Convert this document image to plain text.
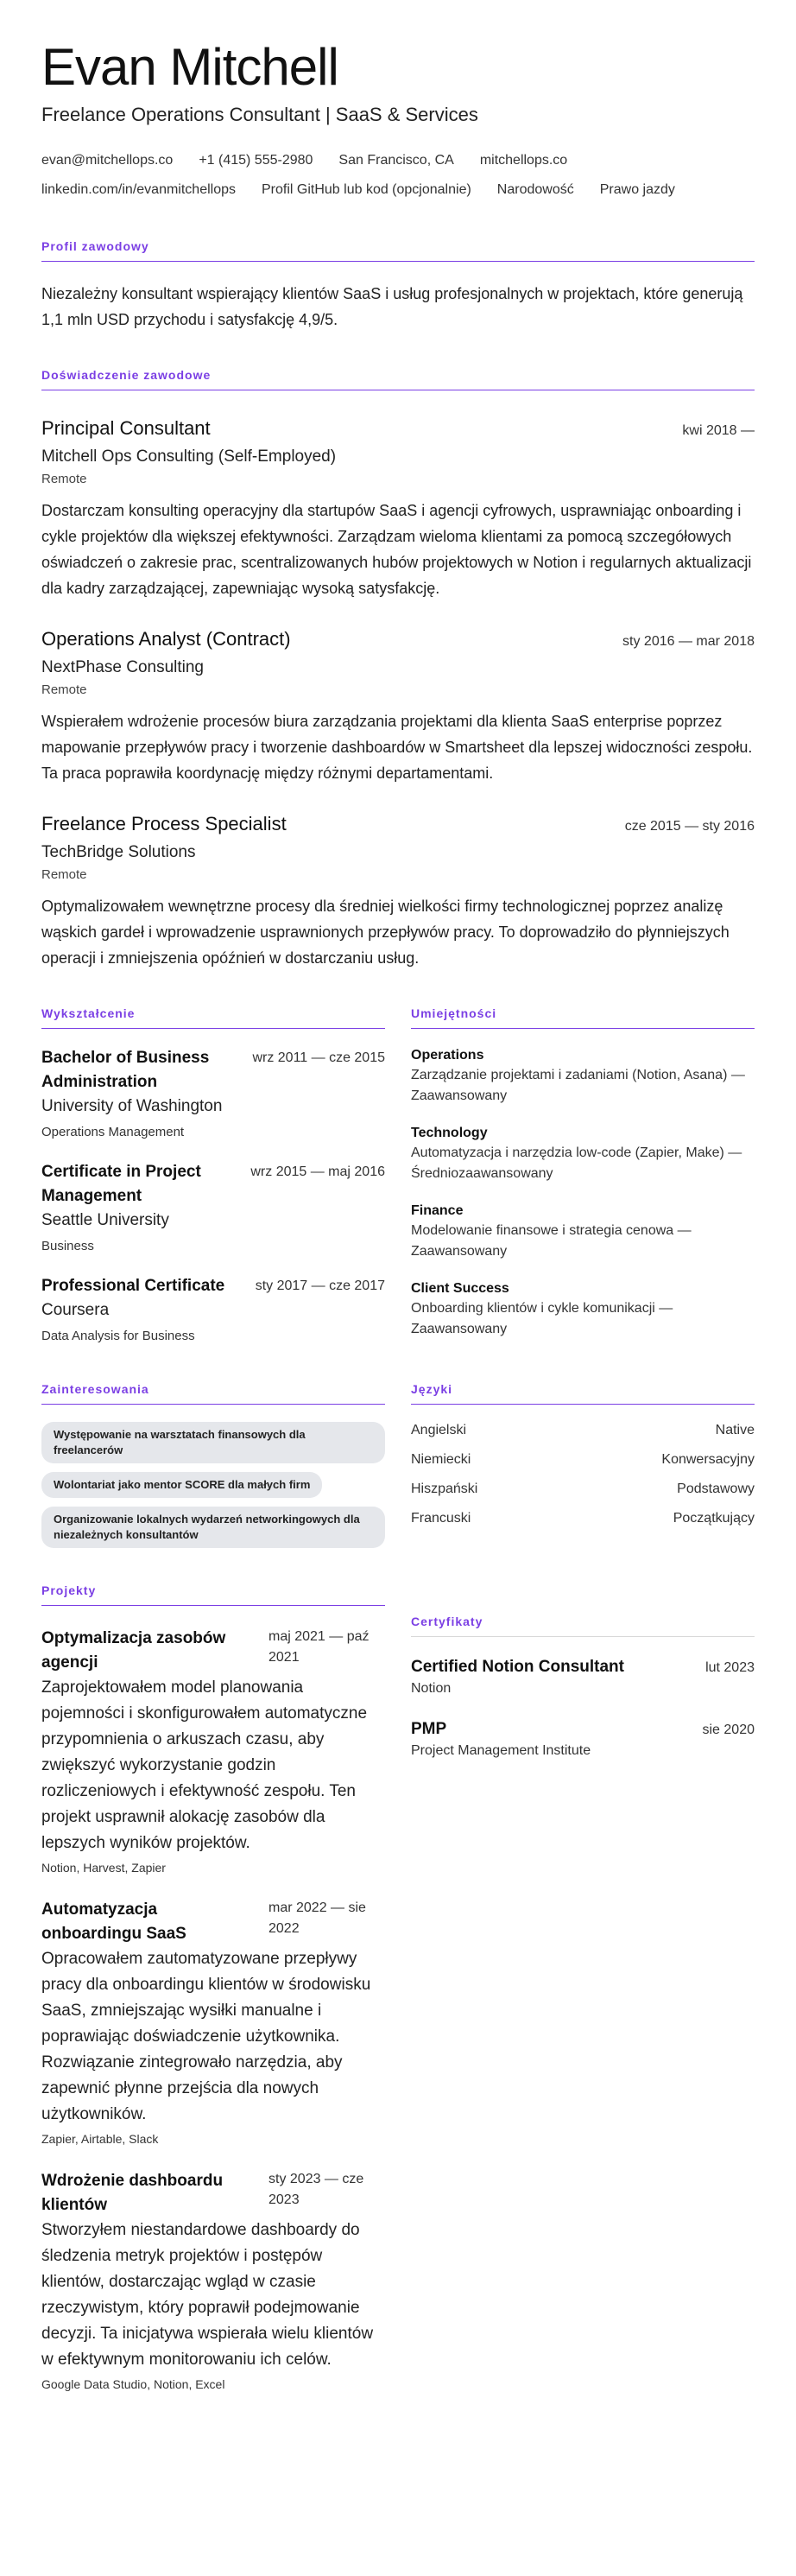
Evan Mitchell
Freelance Operations Consultant | SaaS & Services
evan@mitchellops.co +1 (415) 555-2980 San Francisco, CA mitchellops.co
linkedin.com/in/evanmitchellops Profil GitHub lub kod (opcjonalnie) Narodowość Prawo jazdy
Profil zawodowy

Niezależny konsultant wspierający klientów SaaS i usług profesjonalnych w projektach, które generują 1,1 mln USD przychodu i satysfakcję 4,9/5.

Doświadczenie zawodowe
Principal Consultant	kwi 2018 —
Mitchell Ops Consulting (Self-Employed)
Remote

Dostarczam konsulting operacyjny dla startupów SaaS i agencji cyfrowych, usprawniając onboarding i cykle projektów dla większej efektywności. Zarządzam wieloma klientami za pomocą szczegółowych oświadczeń o zakresie prac, scentralizowanych hubów projektowych w Notion i regularnych aktualizacji dla kadry zarządzającej, zapewniając wysoką satysfakcję.

Operations Analyst (Contract)	sty 2016 — mar 2018
NextPhase Consulting
Remote

Wspierałem wdrożenie procesów biura zarządzania projektami dla klienta SaaS enterprise poprzez mapowanie przepływów pracy i tworzenie dashboardów w Smartsheet dla lepszej widoczności zespołu. Ta praca poprawiła koordynację między różnymi departamentami.

Freelance Process Specialist	cze 2015 — sty 2016
TechBridge Solutions
Remote

Optymalizowałem wewnętrzne procesy dla średniej wielkości firmy technologicznej poprzez analizę wąskich gardeł i wprowadzenie usprawnionych przepływów pracy. To doprowadziło do płynniejszych operacji i zmniejszenia opóźnień w dostarczaniu usług.

Wykształcenie
Bachelor of Business Administration
wrz 2011 — cze 2015
University of Washington
Operations Management
Certificate in Project Management
wrz 2015 — maj 2016
Seattle University
Business
Professional Certificate	sty 2017 — cze 2017
Coursera
Data Analysis for Business
Umiejętności
Operations
Zarządzanie projektami i zadaniami (Notion, Asana) — Zaawansowany
Technology
Automatyzacja i narzędzia low-code (Zapier, Make) — Średniozaawansowany
Finance
Modelowanie finansowe i strategia cenowa — Zaawansowany
Client Success
Onboarding klientów i cykle komunikacji — Zaawansowany
Zainteresowania
Występowanie na warsztatach finansowych dla freelancerów
Wolontariat jako mentor SCORE dla małych firm
Organizowanie lokalnych wydarzeń networkingowych dla niezależnych konsultantów
Języki
Angielski	Native
Niemiecki	Konwersacyjny
Hiszpański	Podstawowy
Francuski	Początkujący
Projekty
Optymalizacja zasobów agencji
maj 2021 — paź 2021

Zaprojektowałem model planowania pojemności i skonfigurowałem automatyczne przypomnienia o arkuszach czasu, aby zwiększyć wykorzystanie godzin rozliczeniowych i efektywność zespołu. Ten projekt usprawnił alokację zasobów dla lepszych wyników projektów.

Notion, Harvest, Zapier
Automatyzacja onboardingu SaaS
mar 2022 — sie 2022

Opracowałem zautomatyzowane przepływy pracy dla onboardingu klientów w środowisku SaaS, zmniejszając wysiłki manualne i poprawiając doświadczenie użytkownika. Rozwiązanie zintegrowało narzędzia, aby zapewnić płynne przejścia dla nowych użytkowników.

Zapier, Airtable, Slack
Wdrożenie dashboardu klientów
sty 2023 — cze 2023

Stworzyłem niestandardowe dashboardy do śledzenia metryk projektów i postępów klientów, dostarczając wgląd w czasie rzeczywistym, który poprawił podejmowanie decyzji. Ta inicjatywa wspierała wielu klientów w efektywnym monitorowaniu ich celów.

Google Data Studio, Notion, Excel
Certyfikaty
Certified Notion Consultant	lut 2023
Notion
PMP	sie 2020
Project Management Institute
